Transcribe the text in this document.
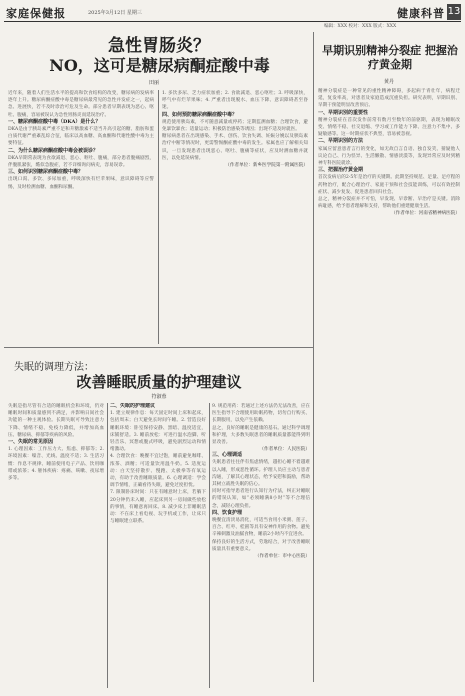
家庭保健报	2025年3月12日 星期三	健康科普 13
编辑：XXX 校对：XXX 版式：XXX
急性胃肠炎？
NO，这可是糖尿病酮症酸中毒
田丽
近年来，随着人们生活水平的提高和饮食结构的改变，糖尿病的发病率逐年上升。糖尿病酮症酸中毒是糖尿病最常见的急性并发症之一，起病急、进展快，若不及时诊治可危及生命。部分患者早期表现为恶心、呕吐、腹痛，容易被误认为急性胃肠炎而延误治疗。
一、糖尿病酮症酸中毒（DKA）是什么？
DKA是由于胰岛素严重不足和升糖激素不适当升高引起的糖、脂肪和蛋白质代谢严重紊乱综合征，临床以高血糖、高血酮和代谢性酸中毒为主要特征。
二、为什么糖尿病酮症酸中毒会被误诊？
DKA早期常表现为食欲减退、恶心、呕吐、腹痛，部分患者腹痛剧烈，伴腹肌紧张，酷似急腹症，若不详细询问病史，容易误诊。
三、如何识别糖尿病酮症酸中毒？
出现口渴、多饮、多尿加重，呼吸深快有烂苹果味，意识障碍等应警惕，及时检测血糖、血酮和尿酮。
1. 多饮多尿、乏力症状加重；2. 食欲减退、恶心呕吐；3. 呼吸深快，呼气中有烂苹果味；4. 严重者出现脱水、血压下降、意识障碍甚至昏迷。
四、如何预防糖尿病酮症酸中毒？
规范使用胰岛素，不可随意减量或停药；定期监测血糖；合理饮食，避免暴饮暴食；适量运动；积极防治感染等诱因；出现不适及时就医。
糖尿病患者在出现感染、手术、创伤、饮食失调、妊娠分娩以及胰岛素治疗中断等情况时，更需警惕酮症酸中毒的发生。家属也应了解相关知识，一旦发现患者出现恶心、呕吐、腹痛等症状，应及时测血糖并就医，以免延误病情。
（作者单位：新乡医学院第一附属医院）
早期识别精神分裂症 把握治疗黄金期
黄丹
精神分裂症是一种常见的重性精神障碍，多起病于青壮年，病程迁延，复发率高，对患者及家庭造成沉重负担。研究表明，早期识别、早期干预能明显改善预后。
一、早期识别的重要性
精神分裂症在首次发作前常有数月至数年的前驱期，表现为睡眠改变、情绪不稳、社交退缩、学习或工作能力下降、注意力不集中、多疑敏感等。这一时期症状不典型，容易被忽视。
二、早期识别的方法
家属应留意患者言行的变化，如无故自言自语、独自发笑、猜疑他人议论自己、行为怪异、生活懒散、情感淡漠等，发现异常应及时到精神专科医院就诊。
三、把握治疗黄金期
首次发病后的2-5年是治疗的关键期。此期坚持规范、足量、足疗程的药物治疗，配合心理治疗、家庭干预和社会技能训练，可以有效控制症状、减少复发、促进患者回归社会。
总之，精神分裂症并不可怕，早发现、早诊断、早治疗是关键。消除病耻感，给予患者理解和支持，帮助他们重建健康生活。
（作者单位：河南省精神病医院）
失眠的调理方法：
改善睡眠质量的护理建议
符淑蓉
失眠是指尽管有合适的睡眠机会和环境，仍对睡眠时间和质量感到不满足，并影响日间社会功能的一种主观体验。长期失眠可导致注意力下降、情绪不稳、免疫力降低，并增加高血压、糖尿病、抑郁等疾病的风险。
一、失眠的常见原因
1. 心理因素：工作压力大、焦虑、抑郁等；2. 环境因素：噪音、光线、温度不适；3. 生活习惯：作息不规律、睡前使用电子产品、饮用咖啡或浓茶；4. 躯体疾病：疼痛、咳嗽、夜尿增多等。
二、失眠的护理建议
1. 建立规律作息：每天固定时间上床和起床，包括周末；白天避免长时间午睡。2. 营造良好睡眠环境：卧室保持安静、黑暗、温度适宜，床铺舒适。3. 睡前放松：可进行温水泡脚、听轻音乐、冥想或腹式呼吸，避免剧烈运动和情绪激动。
4. 合理饮食：晚餐不宜过饱，睡前避免咖啡、浓茶、酒精；可适量饮用温牛奶。5. 适度运动：白天坚持散步、慢跑、太极拳等有氧运动，有助于改善睡眠质量。6. 心理调适：学会调节情绪，正确看待失眠，避免过度担忧。
7. 限制卧床时间：只在有睡意时上床，若躺下20分钟仍未入睡，应起床到另一房间做些放松的事情，有睡意再回床。8. 减少床上非睡眠活动：不在床上看电视、玩手机或工作，让床只与睡眠建立联系。
9. 规范用药：若通过上述方法仍无法改善，应在医生指导下合理使用助眠药物，切勿自行购买、长期服用，以免产生依赖。
总之，良好的睡眠是健康的基石。通过科学调理和护理，大多数失眠患者的睡眠质量都能得到明显改善。
（作者单位：人民医院）
三、心理调适
失眠患者往往伴有焦虑情绪，越担心睡不着越难以入睡，形成恶性循环。护理人员应主动与患者沟通，了解其心理状态，给予安慰和鼓励，帮助其树立战胜失眠的信心。
同时可指导患者进行认知行为疗法，纠正对睡眠的错误认知，如“必须睡满8小时”等不合理信念，减轻心理负担。
四、饮食护理
晚餐宜清淡易消化，可适当食用小米粥、莲子、百合、红枣、桂圆等具有安神作用的食物。避免辛辣刺激及油腻食物，睡前2小时内不宜进食。
保持良好的生活方式，劳逸结合，对于改善睡眠质量具有重要意义。
（作者单位：市中心医院）
